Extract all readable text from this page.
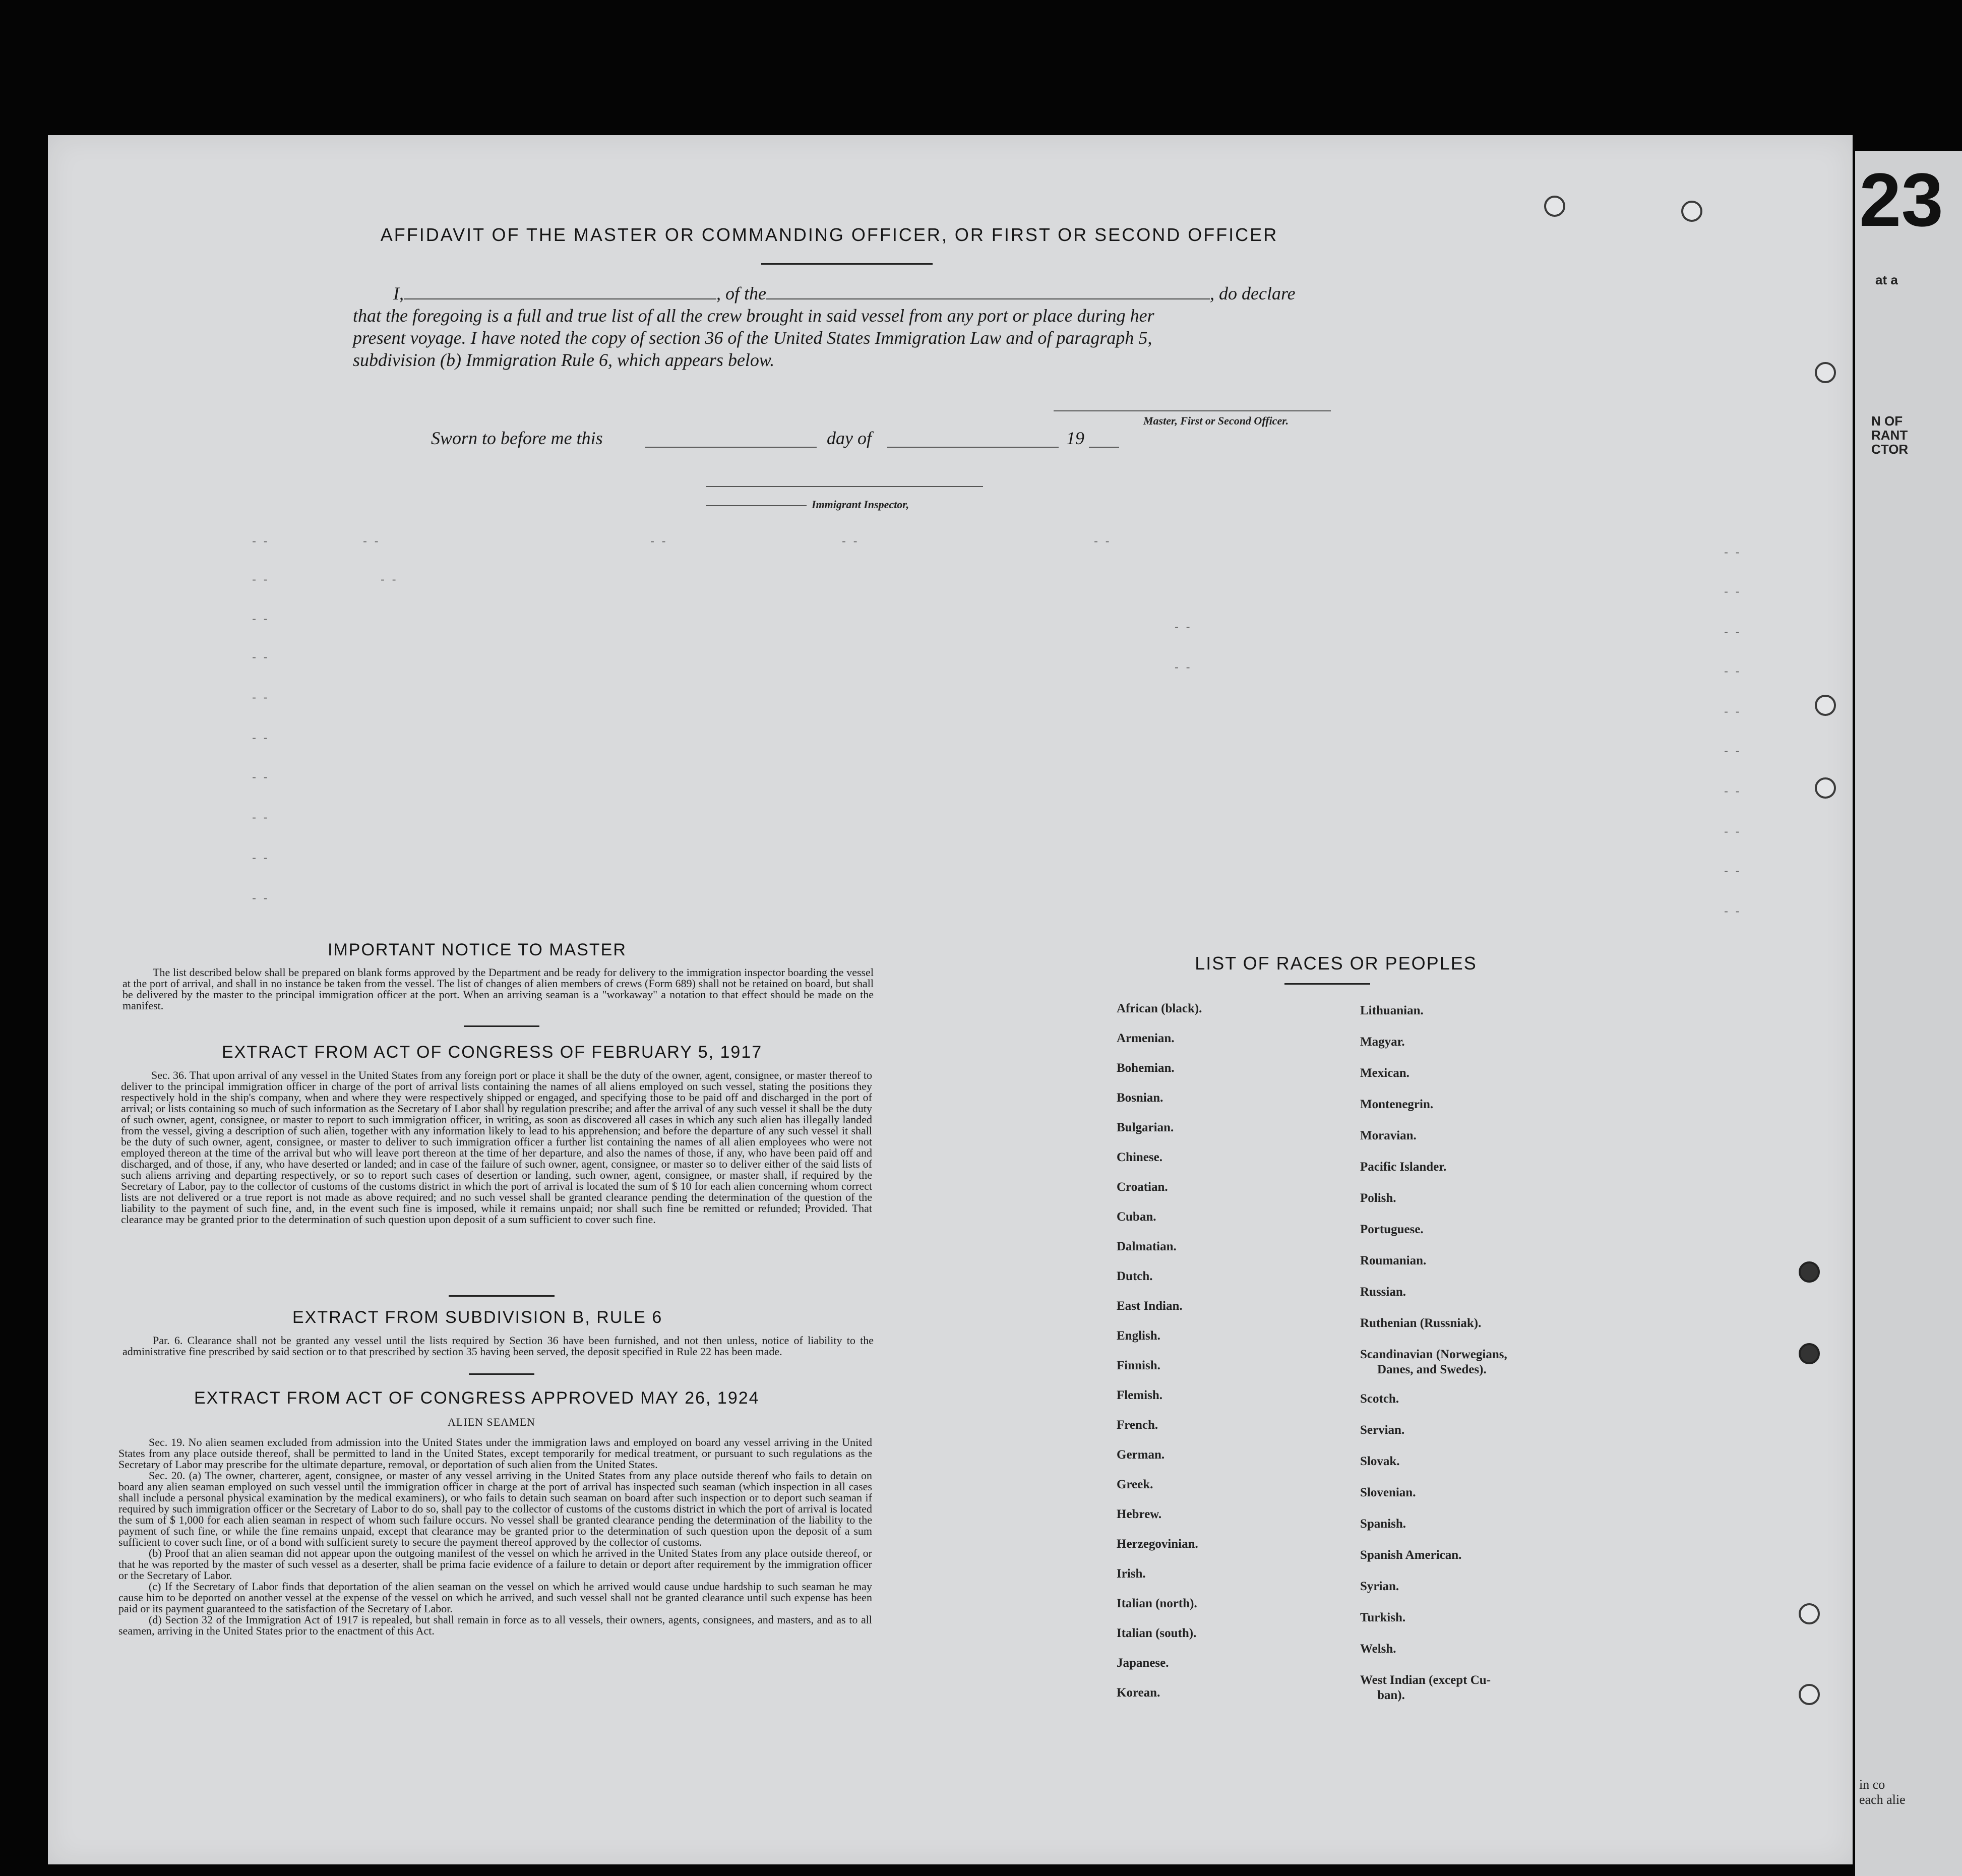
23
at a
N OF
RANT
CTOR
in co
each alie
AFFIDAVIT OF THE MASTER OR COMMANDING OFFICER, OR FIRST OR SECOND OFFICER
I,	, of the	, do declare
that the foregoing is a full and true list of all the crew brought in said vessel from any port or place during her
present voyage. I have noted the copy of section 36 of the United States Immigration Law and of paragraph 5,
subdivision (b) Immigration Rule 6, which appears below.
Master, First or Second Officer.
Sworn to before me this	day of	19
Immigrant Inspector,
- -	- -	- -	- -	- -
- -
- -	- -
- -
- -
- -	- -
- -
- -	- -
- -
- -
- -
- -
- -
- -
- -
- -
- -
- -
- -
- -
IMPORTANT NOTICE TO MASTER

The list described below shall be prepared on blank forms approved by the Department and be ready for delivery to the immigration inspector boarding the vessel at the port of arrival, and shall in no instance be taken from the vessel. The list of changes of alien members of crews (Form 689) shall not be retained on board, but shall be delivered by the master to the principal immigration officer at the port. When an arriving seaman is a "workaway" a notation to that effect should be made on the manifest.

EXTRACT FROM ACT OF CONGRESS OF FEBRUARY 5, 1917

Sec. 36. That upon arrival of any vessel in the United States from any foreign port or place it shall be the duty of the owner, agent, consignee, or master thereof to deliver to the principal immigration officer in charge of the port of arrival lists containing the names of all aliens employed on such vessel, stating the positions they respectively hold in the ship's company, when and where they were respectively shipped or engaged, and specifying those to be paid off and discharged in the port of arrival; or lists containing so much of such information as the Secretary of Labor shall by regulation prescribe; and after the arrival of any such vessel it shall be the duty of such owner, agent, consignee, or master to report to such immigration officer, in writing, as soon as discovered all cases in which any such alien has illegally landed from the vessel, giving a description of such alien, together with any information likely to lead to his apprehension; and before the departure of any such vessel it shall be the duty of such owner, agent, consignee, or master to deliver to such immigration officer a further list containing the names of all alien employees who were not employed thereon at the time of the arrival but who will leave port thereon at the time of her departure, and also the names of those, if any, who have been paid off and discharged, and of those, if any, who have deserted or landed; and in case of the failure of such owner, agent, consignee, or master so to deliver either of the said lists of such aliens arriving and departing respectively, or so to report such cases of desertion or landing, such owner, agent, consignee, or master shall, if required by the Secretary of Labor, pay to the collector of customs of the customs district in which the port of arrival is located the sum of $ 10 for each alien concerning whom correct lists are not delivered or a true report is not made as above required; and no such vessel shall be granted clearance pending the determination of the question of the liability to the payment of such fine, and, in the event such fine is imposed, while it remains unpaid; nor shall such fine be remitted or refunded; Provided. That clearance may be granted prior to the determination of such question upon deposit of a sum sufficient to cover such fine.

EXTRACT FROM SUBDIVISION B, RULE 6

Par. 6. Clearance shall not be granted any vessel until the lists required by Section 36 have been furnished, and not then unless, notice of liability to the administrative fine prescribed by said section or to that prescribed by section 35 having been served, the deposit specified in Rule 22 has been made.

EXTRACT FROM ACT OF CONGRESS APPROVED MAY 26, 1924
ALIEN SEAMEN

Sec. 19. No alien seamen excluded from admission into the United States under the immigration laws and employed on board any vessel arriving in the United States from any place outside thereof, shall be permitted to land in the United States, except temporarily for medical treatment, or pursuant to such regulations as the Secretary of Labor may prescribe for the ultimate departure, removal, or deportation of such alien from the United States.

Sec. 20. (a) The owner, charterer, agent, consignee, or master of any vessel arriving in the United States from any place outside thereof who fails to detain on board any alien seaman employed on such vessel until the immigration officer in charge at the port of arrival has inspected such seaman (which inspection in all cases shall include a personal physical examination by the medical examiners), or who fails to detain such seaman on board after such inspection or to deport such seaman if required by such immigration officer or the Secretary of Labor to do so, shall pay to the collector of customs of the customs district in which the port of arrival is located the sum of $ 1,000 for each alien seaman in respect of whom such failure occurs. No vessel shall be granted clearance pending the determination of the liability to the payment of such fine, or while the fine remains unpaid, except that clearance may be granted prior to the determination of such question upon the deposit of a sum sufficient to cover such fine, or of a bond with sufficient surety to secure the payment thereof approved by the collector of customs.

(b) Proof that an alien seaman did not appear upon the outgoing manifest of the vessel on which he arrived in the United States from any place outside thereof, or that he was reported by the master of such vessel as a deserter, shall be prima facie evidence of a failure to detain or deport after requirement by the immigration officer or the Secretary of Labor.

(c) If the Secretary of Labor finds that deportation of the alien seaman on the vessel on which he arrived would cause undue hardship to such seaman he may cause him to be deported on another vessel at the expense of the vessel on which he arrived, and such vessel shall not be granted clearance until such expense has been paid or its payment guaranteed to the satisfaction of the Secretary of Labor.

(d) Section 32 of the Immigration Act of 1917 is repealed, but shall remain in force as to all vessels, their owners, agents, consignees, and masters, and as to all seamen, arriving in the United States prior to the enactment of this Act.

LIST OF RACES OR PEOPLES
African (black).
Armenian.
Bohemian.
Bosnian.
Bulgarian.
Chinese.
Croatian.
Cuban.
Dalmatian.
Dutch.
East Indian.
English.
Finnish.
Flemish.
French.
German.
Greek.
Hebrew.
Herzegovinian.
Irish.
Italian (north).
Italian (south).
Japanese.
Korean.
Lithuanian.
Magyar.
Mexican.
Montenegrin.
Moravian.
Pacific Islander.
Polish.
Portuguese.
Roumanian.
Russian.
Ruthenian (Russniak).
Scandinavian (Norwegians,
Danes, and Swedes).
Scotch.
Servian.
Slovak.
Slovenian.
Spanish.
Spanish American.
Syrian.
Turkish.
Welsh.
West Indian (except Cu-
ban).
